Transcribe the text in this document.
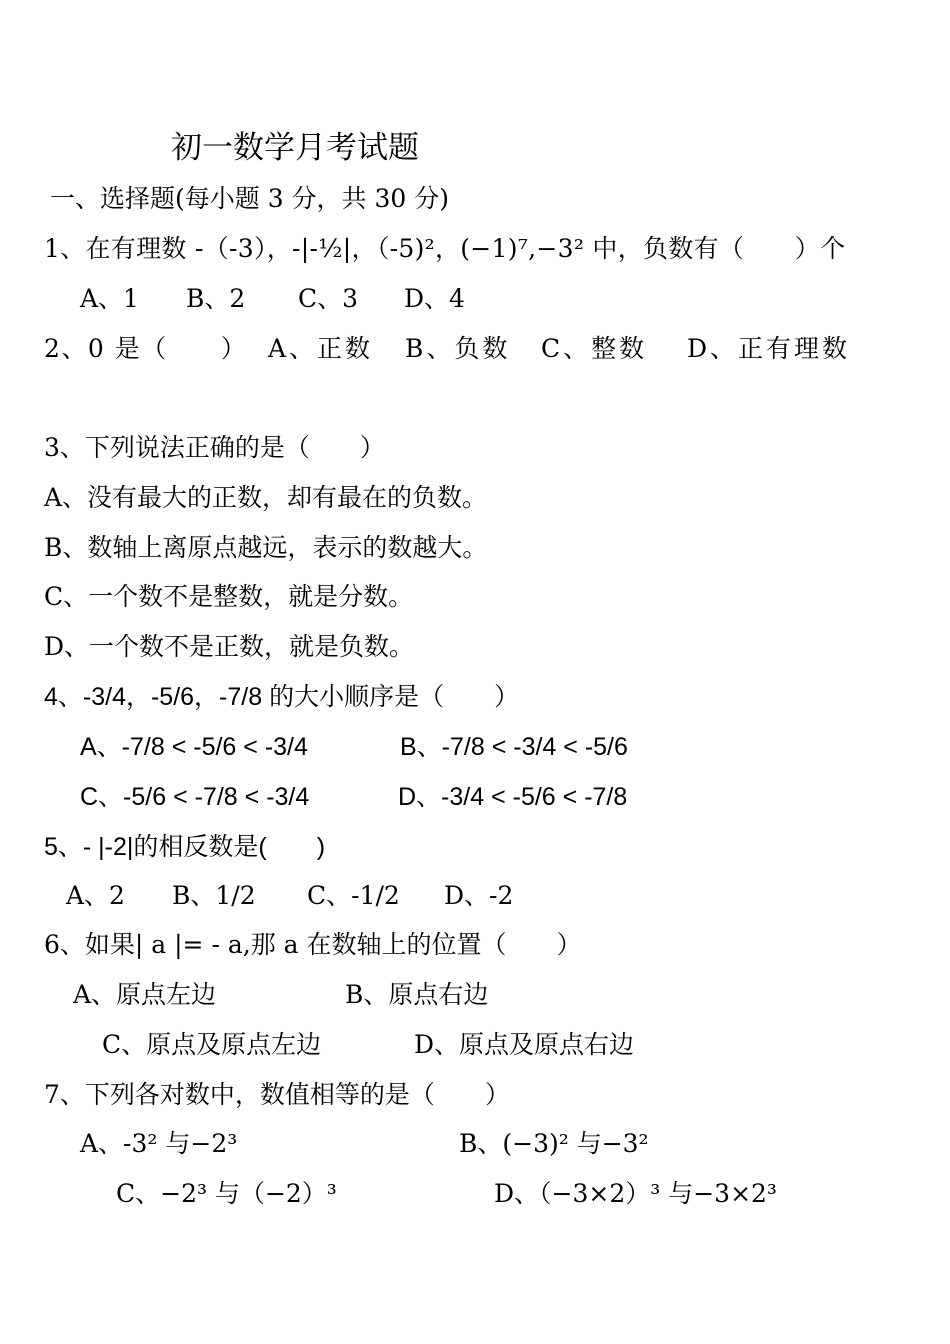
初一数学月考试题
一、选择题(每小题 3 分，共 30 分)
1、在有理数 -（-3），-|-½|，（-5)²，(−1)⁷,−3² 中，负数有（　　）个
A、1 B、2 C、3 D、4
2、0 是（　　） A、正数 B、负数 C、整数 D、正有理数
3、下列说法正确的是（　　）
A、没有最大的正数，却有最在的负数。
B、数轴上离原点越远，表示的数越大。
C、一个数不是整数，就是分数。
D、一个数不是正数，就是负数。
4、-3/4，-5/6，-7/8 的大小顺序是（　　）
A、-7/8 < -5/6 < -3/4	B、-7/8 < -3/4 < -5/6
C、-5/6 < -7/8 < -3/4	D、-3/4 < -5/6 < -7/8
5、- |-2|的相反数是(　　)
A、2 B、1/2 C、-1/2 D、-2
6、如果| a |= - a,那 a 在数轴上的位置（　　）
A、原点左边	B、原点右边
C、原点及原点左边	D、原点及原点右边
7、下列各对数中，数值相等的是（　　）
A、-3² 与−2³	B、(−3)² 与−3²
C、−2³ 与（−2）³	D、（−3×2）³ 与−3×2³
